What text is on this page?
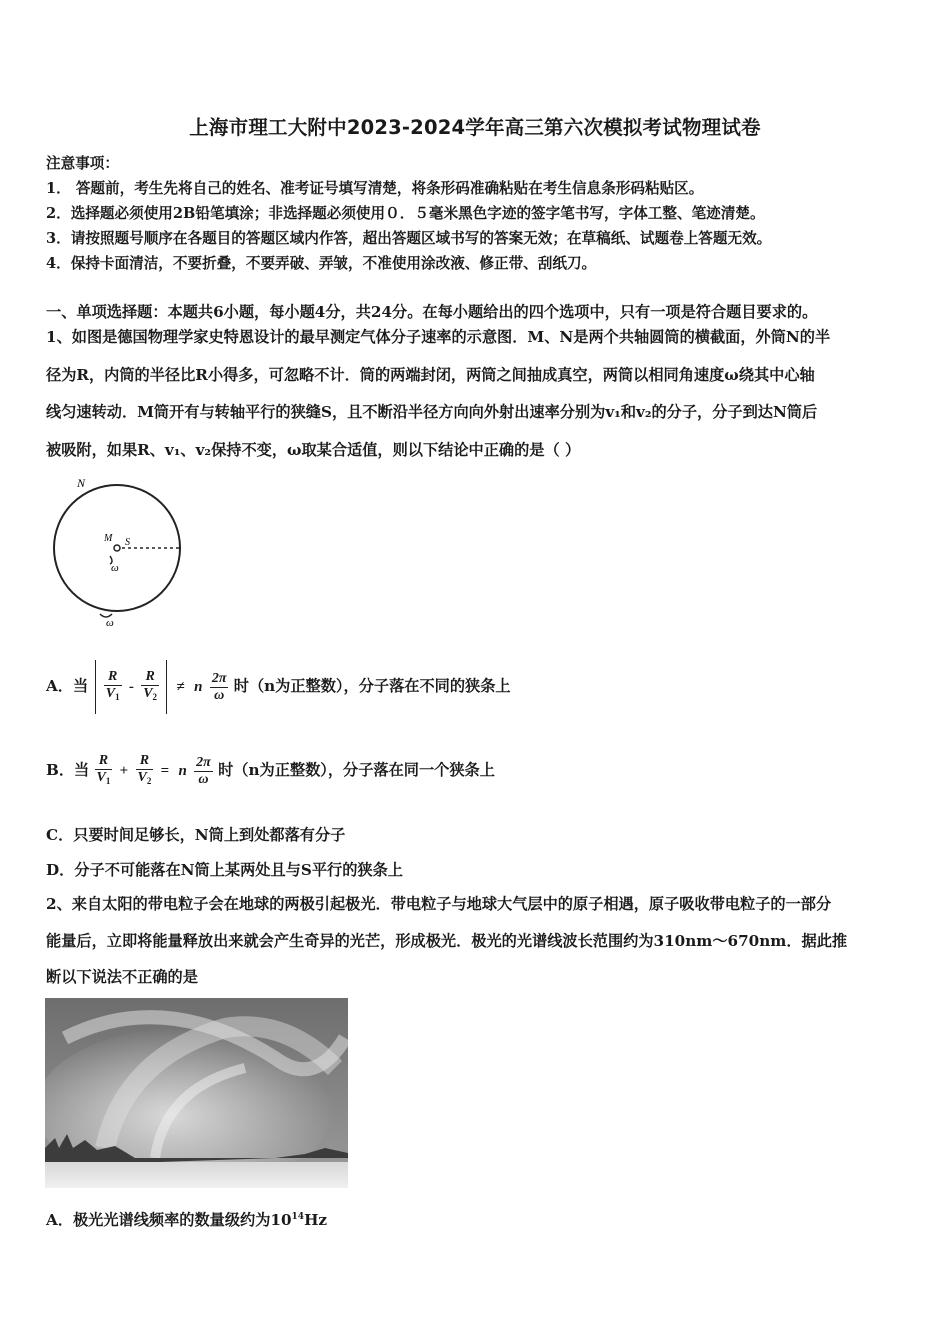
上海市理工大附中2023-2024学年高三第六次模拟考试物理试卷
注意事项：
1． 答题前，考生先将自己的姓名、准考证号填写清楚，将条形码准确粘贴在考生信息条形码粘贴区。
2．选择题必须使用2B铅笔填涂；非选择题必须使用０．５毫米黑色字迹的签字笔书写，字体工整、笔迹清楚。
3．请按照题号顺序在各题目的答题区域内作答，超出答题区域书写的答案无效；在草稿纸、试题卷上答题无效。
4．保持卡面清洁，不要折叠，不要弄破、弄皱，不准使用涂改液、修正带、刮纸刀。
一、单项选择题：本题共6小题，每小题4分，共24分。在每小题给出的四个选项中，只有一项是符合题目要求的。
1、如图是德国物理学家史特恩设计的最早测定气体分子速率的示意图．M、N是两个共轴圆筒的横截面，外筒N的半
径为R，内筒的半径比R小得多，可忽略不计．筒的两端封闭，两筒之间抽成真空，两筒以相同角速度ω绕其中心轴
线匀速转动．M筒开有与转轴平行的狭缝S，且不断沿半径方向向外射出速率分别为v₁和v₂的分子，分子到达N筒后
被吸附，如果R、v₁、v₂保持不变，ω取某合适值，则以下结论中正确的是（ ）
N
M S
ω
ω
A．当 $\frac{R}{V_1} - \frac{R}{V_2} \ne n \frac{2\pi}{\omega}$ 时（n为正整数），分子落在不同的狭条上
B．当 $\frac{R}{V_1} + \frac{R}{V_2} = n \frac{2\pi}{\omega}$ 时（n为正整数），分子落在同一个狭条上
C．只要时间足够长，N筒上到处都落有分子
D．分子不可能落在N筒上某两处且与S平行的狭条上
2、来自太阳的带电粒子会在地球的两极引起极光．带电粒子与地球大气层中的原子相遇，原子吸收带电粒子的一部分
能量后，立即将能量释放出来就会产生奇异的光芒，形成极光．极光的光谱线波长范围约为310nm～670nm．据此推
断以下说法不正确的是
A．极光光谱线频率的数量级约为$10^{14}Hz$
